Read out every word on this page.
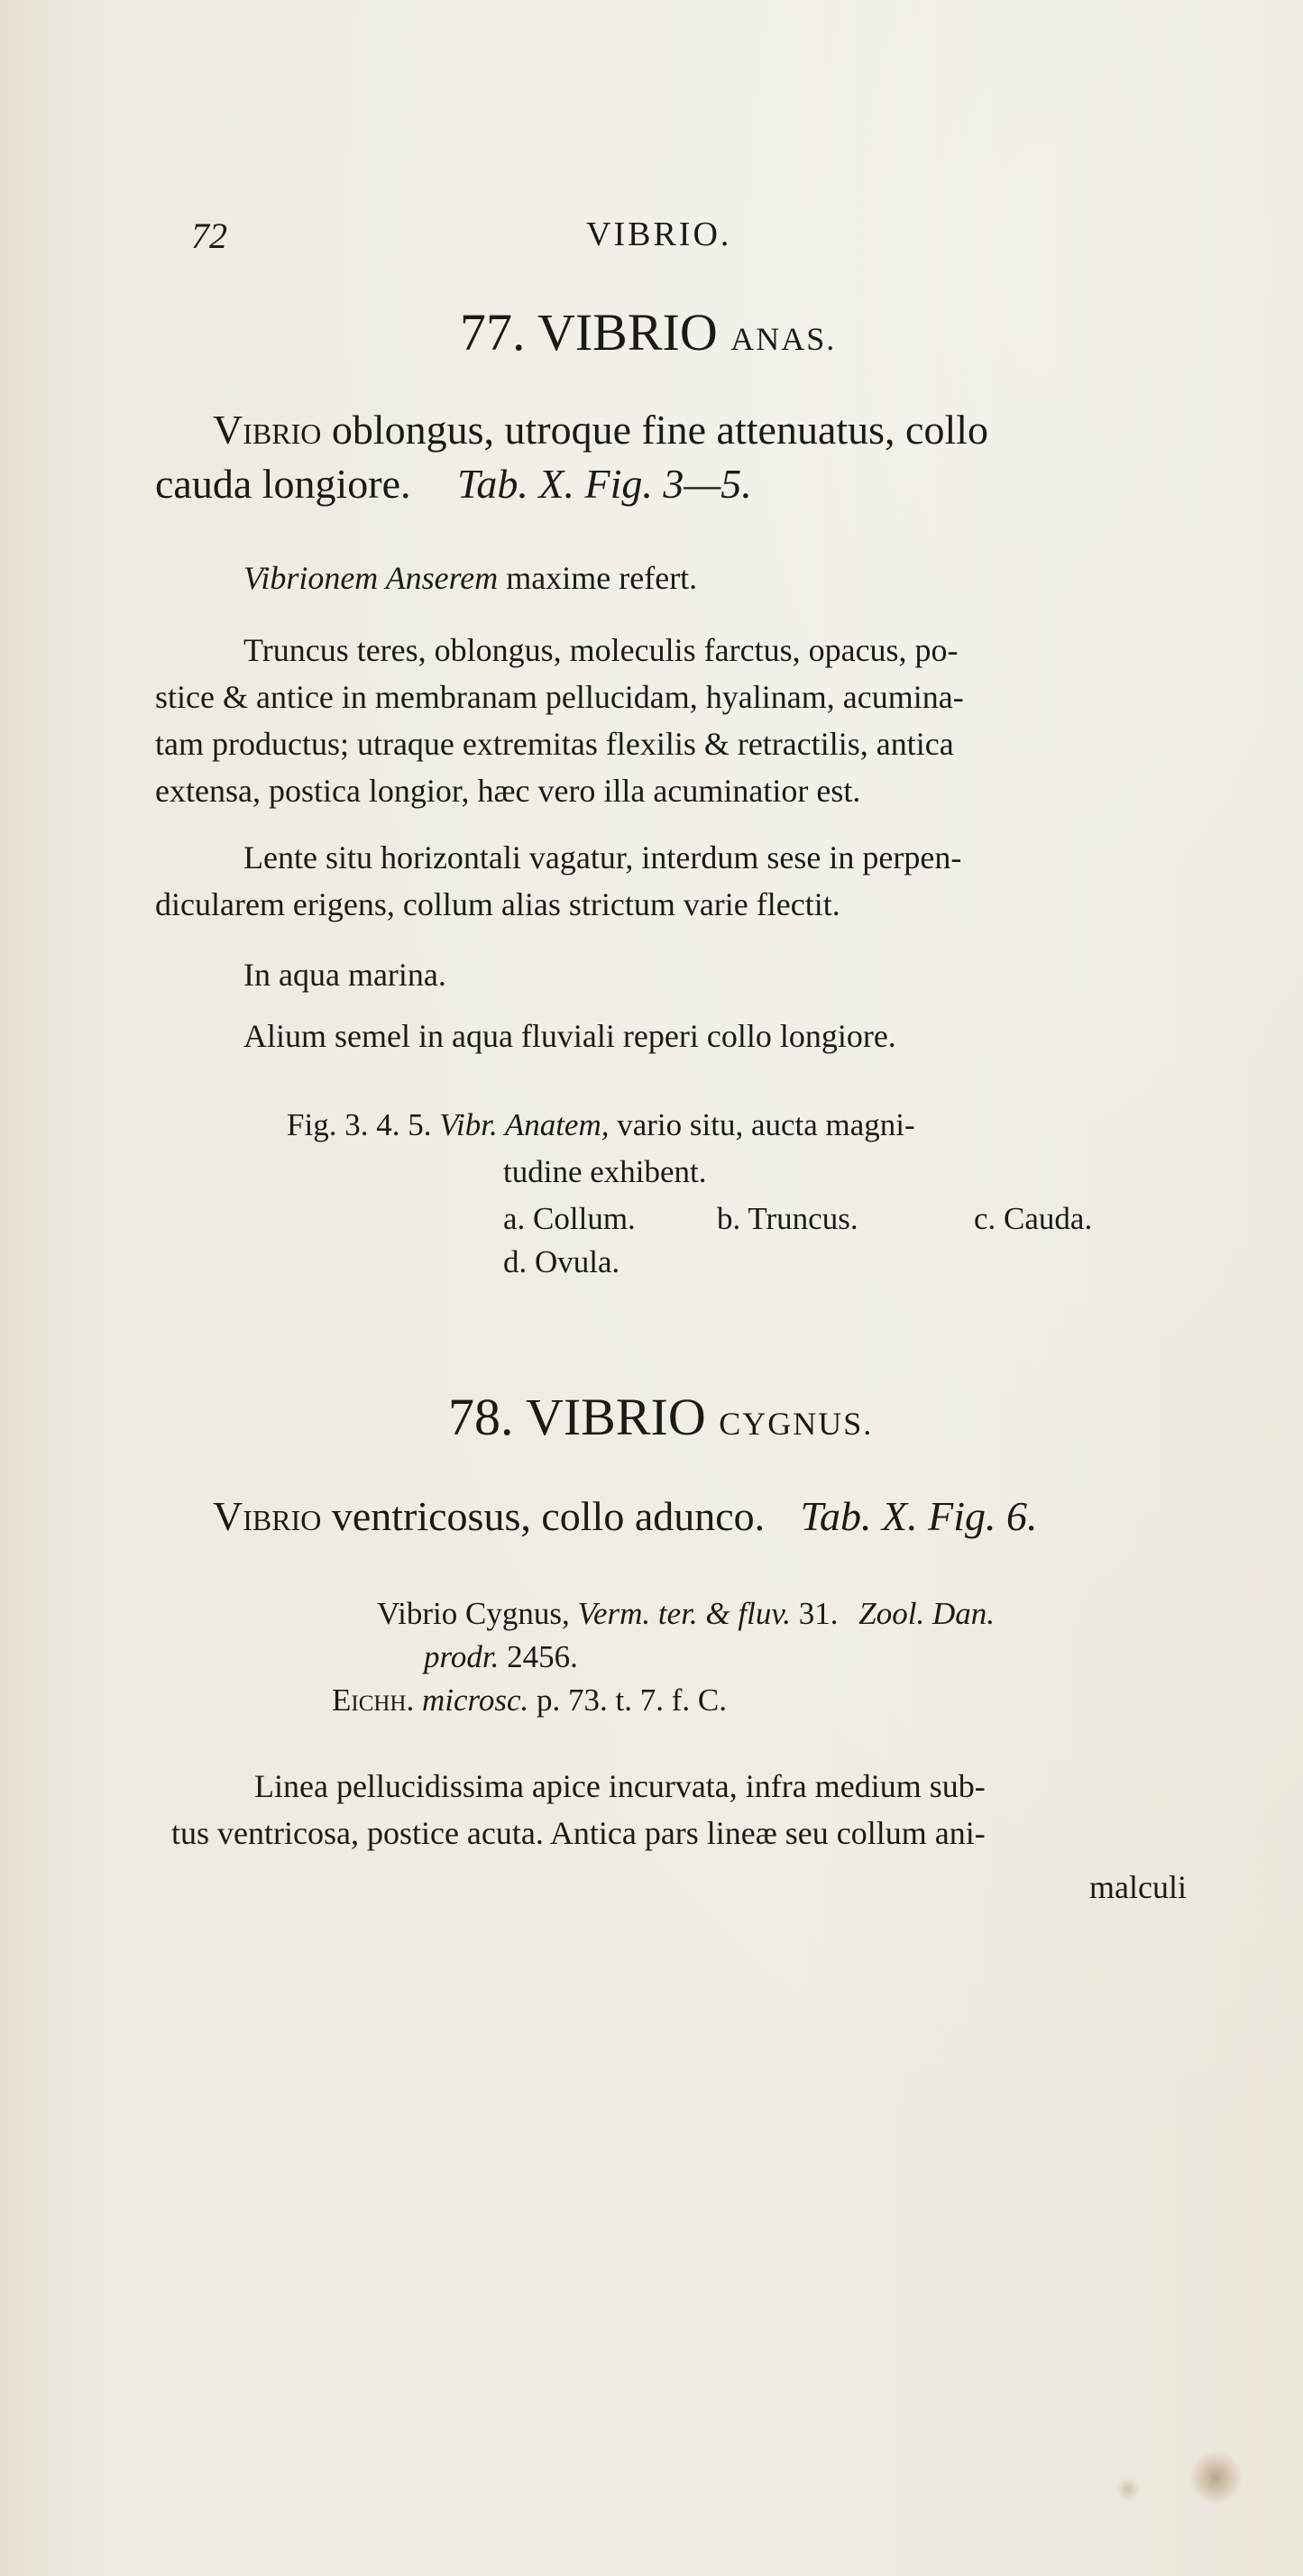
72	VIBRIO.
77. VIBRIO ANAS.
Vibrio oblongus, utroque fine attenuatus, collo
cauda longiore. Tab. X. Fig. 3—5.
Vibrionem Anserem maxime refert.
Truncus teres, oblongus, moleculis farctus, opacus, po-
stice & antice in membranam pellucidam, hyalinam, acumina-
tam productus; utraque extremitas flexilis & retractilis, antica
extensa, postica longior, hæc vero illa acuminatior est.
Lente situ horizontali vagatur, interdum sese in perpen-
dicularem erigens, collum alias strictum varie flectit.
In aqua marina.
Alium semel in aqua fluviali reperi collo longiore.
Fig. 3. 4. 5. Vibr. Anatem, vario situ, aucta magni-
tudine exhibent.
a. Collum.	b. Truncus.	c. Cauda.
d. Ovula.
78. VIBRIO CYGNUS.
Vibrio ventricosus, collo adunco. Tab. X. Fig. 6.
Vibrio Cygnus, Verm. ter. & fluv. 31. Zool. Dan.
prodr. 2456.
Eichh. microsc. p. 73. t. 7. f. C.
Linea pellucidissima apice incurvata, infra medium sub-
tus ventricosa, postice acuta. Antica pars lineæ seu collum ani-
malculi
